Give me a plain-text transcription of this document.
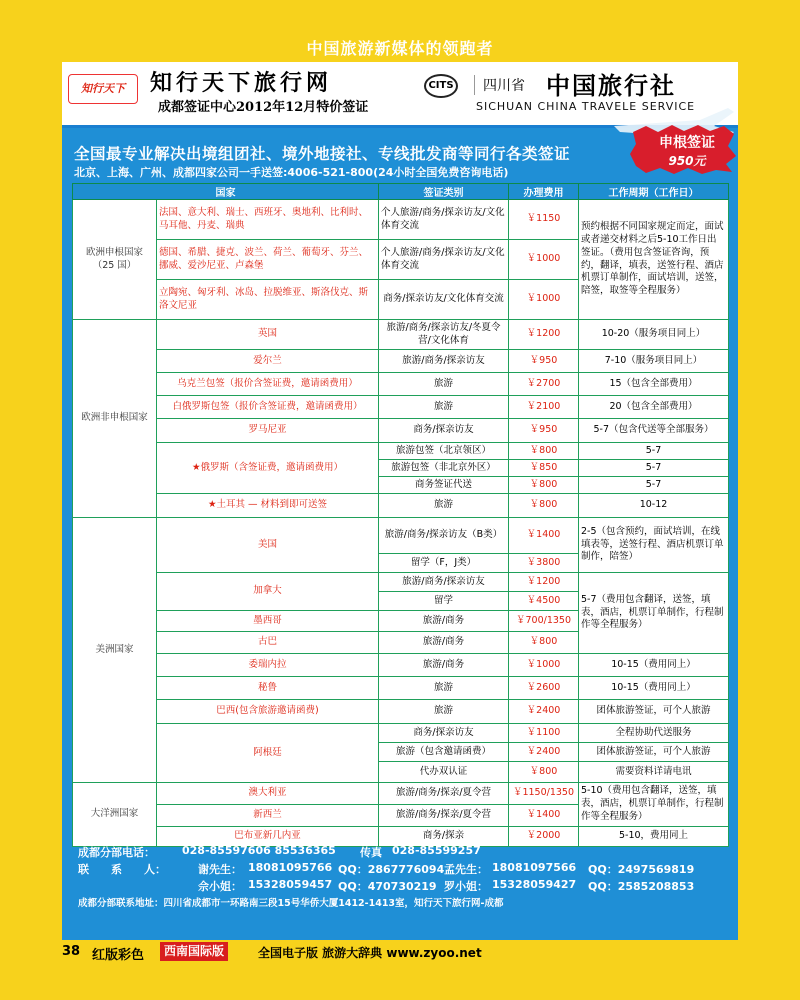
中国旅游新媒体的领跑者
知行天下	知行天下旅行网
成都签证中心2012年12月特价签证
CITS	四川省 中国旅行社
SICHUAN CHINA TRAVELE SERVICE
全国最专业解决出境组团社、境外地接社、专线批发商等同行各类签证
北京、上海、广州、成都四家公司一手送签:4006-521-800(24小时全国免费咨询电话)
申根签证
950元
国家		签证类别	办理费用	工作周期（工作日）
欧洲申根国家
（25 国）	法国、意大利、瑞士、西班牙、奥地利、比利时、马耳他、丹麦、瑞典	个人旅游/商务/探亲访友/文化体育交流	￥1150	预约根据不同国家规定而定，面试或者递交材料之后5-10工作日出签证。（费用包含签证咨询，预约，翻译，填表，送签行程、酒店机票订单制作，面试培训，送签，陪签，取签等全程服务）
	德国、希腊、捷克、波兰、荷兰、葡萄牙、芬兰、挪威、爱沙尼亚、卢森堡	个人旅游/商务/探亲访友/文化体育交流	￥1000	
	立陶宛、匈牙利、冰岛、拉脱维亚、斯洛伐克、斯洛文尼亚	商务/探亲访友/文化体育交流	￥1000	
欧洲非申根国家	英国	旅游/商务/探亲访友/冬夏令营/文化体育	￥1200	10-20（服务项目同上）
	爱尔兰	旅游/商务/探亲访友	￥950	7-10（服务项目同上）
	乌克兰包签（报价含签证费，邀请函费用）	旅游	￥2700	15（包含全部费用）
	白俄罗斯包签（报价含签证费，邀请函费用）	旅游	￥2100	20（包含全部费用）
	罗马尼亚	商务/探亲访友	￥950	5-7（包含代送等全部服务）
	★俄罗斯（含签证费，邀请函费用）	旅游包签（北京领区）	￥800	5-7
		旅游包签（非北京外区）	￥850	5-7
		商务签证代送	￥800	5-7
	★土耳其 — 材料到即可送签	旅游	￥800	10-12
美洲国家	美国	旅游/商务/探亲访友（B类）	￥1400	2-5（包含预约，面试培训，在线填表等，送签行程、酒店机票订单制作，陪签）
		留学（F，J类）	￥3800	
	加拿大	旅游/商务/探亲访友	￥1200	5-7（费用包含翻译，送签，填表，酒店，机票订单制作，行程制作等全程服务）
		留学	￥4500	
	墨西哥	旅游/商务	￥700/1350	
	古巴	旅游/商务	￥800	
	委瑞内拉	旅游/商务	￥1000	10-15（费用同上）
	秘鲁	旅游	￥2600	10-15（费用同上）
	巴西(包含旅游邀请函费)	旅游	￥2400	团体旅游签证，可个人旅游
	阿根廷	商务/探亲访友	￥1100	全程协助代送服务
		旅游（包含邀请函费）	￥2400	团体旅游签证，可个人旅游
		代办双认证	￥800	需要资料详请电讯
大洋洲国家	澳大利亚	旅游/商务/探亲/夏令营	￥1150/1350	5-10（费用包含翻译，送签，填表，酒店，机票订单制作，行程制作等全程服务）
	新西兰	旅游/商务/探亲/夏令营	￥1400	
	巴布亚新几内亚	商务/探亲	￥2000	5-10，费用同上
成都分部电话： 028-85597606 85536365 传真 028-85599257
联　　系　　人：	谢先生： 18081095766 QQ：2867776094 孟先生： 18081097566 QQ：2497569819
佘小姐： 15328059457 QQ：470730219 罗小姐： 15328059427 QQ：2585208853
成都分部联系地址：四川省成都市一环路南三段15号华侨大厦1412-1413室，知行天下旅行网-成都
38 红版彩色	西南国际版	全国电子版 旅游大辞典 www.zyoo.net
